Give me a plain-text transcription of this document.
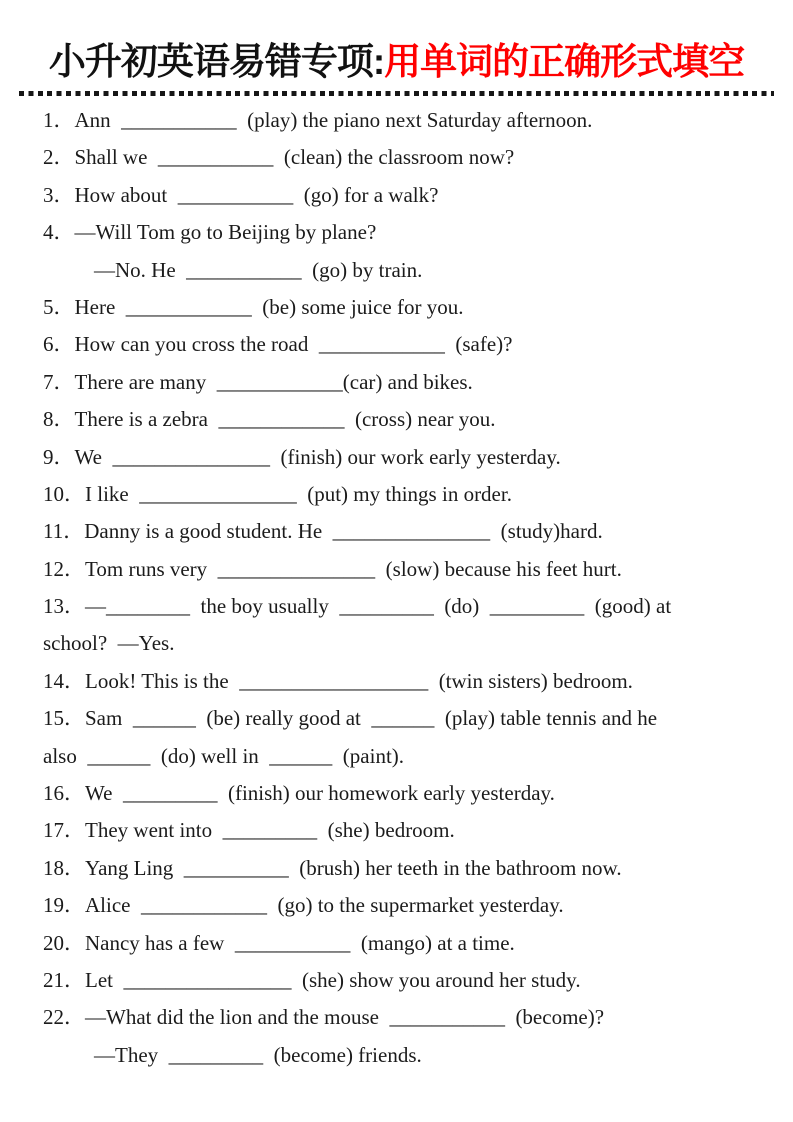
小升初英语易错专项:用单词的正确形式填空
1．Ann  ___________  (play) the piano next Saturday afternoon.
2．Shall we  ___________  (clean) the classroom now?
3．How about  ___________  (go) for a walk?
4．—Will Tom go to Beijing by plane?
—No. He  ___________  (go) by train.
5．Here  ____________  (be) some juice for you.
6．How can you cross the road  ____________  (safe)?
7．There are many  ____________(car) and bikes.
8．There is a zebra  ____________  (cross) near you.
9．We  _______________  (finish) our work early yesterday.
10．I like  _______________  (put) my things in order.
11．Danny is a good student. He  _______________  (study)hard.
12．Tom runs very  _______________  (slow) because his feet hurt.
13．—________  the boy usually  _________  (do)  _________  (good) at
school?  —Yes.
14．Look! This is the  __________________  (twin sisters) bedroom.
15．Sam  ______  (be) really good at  ______  (play) table tennis and he
also  ______  (do) well in  ______  (paint).
16．We  _________  (finish) our homework early yesterday.
17．They went into  _________  (she) bedroom.
18．Yang Ling  __________  (brush) her teeth in the bathroom now.
19．Alice  ____________  (go) to the supermarket yesterday.
20．Nancy has a few  ___________  (mango) at a time.
21．Let  ________________  (she) show you around her study.
22．—What did the lion and the mouse  ___________  (become)?
—They  _________  (become) friends.
